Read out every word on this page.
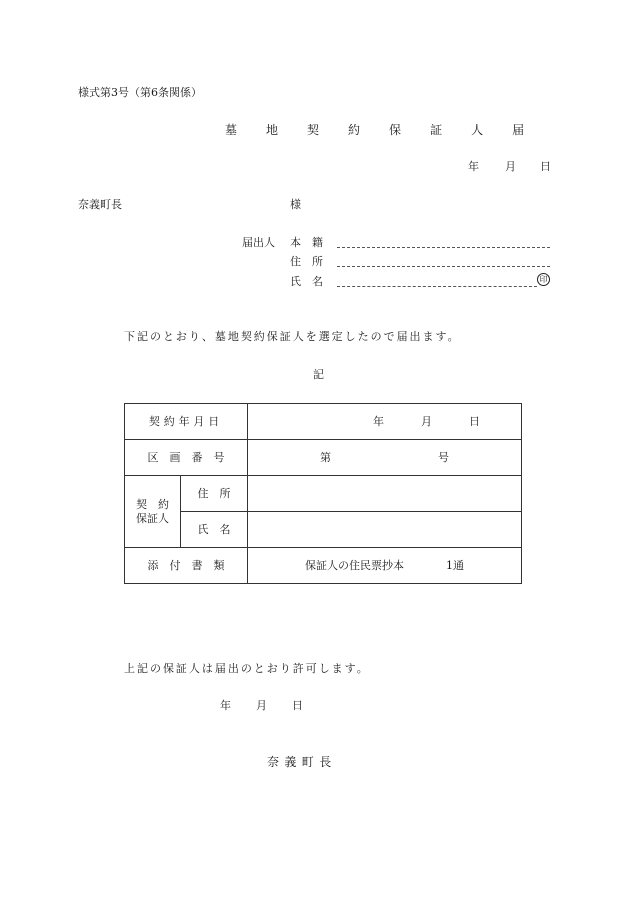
様式第3号（第6条関係）
墓 地 契 約 保 証 人 届
年 月 日
奈義町長	様
届出人 本　籍
住　所
氏　名	印
下記のとおり、墓地契約保証人を選定したので届出ます。
記
契約年月日		年 月 日

区　画　番　号		第 号

契　約
保証人	住　所	
	氏　名	
添　付　書　類		保証人の住民票抄本 1通
上記の保証人は届出のとおり許可します。
年 月 日
奈義町長
